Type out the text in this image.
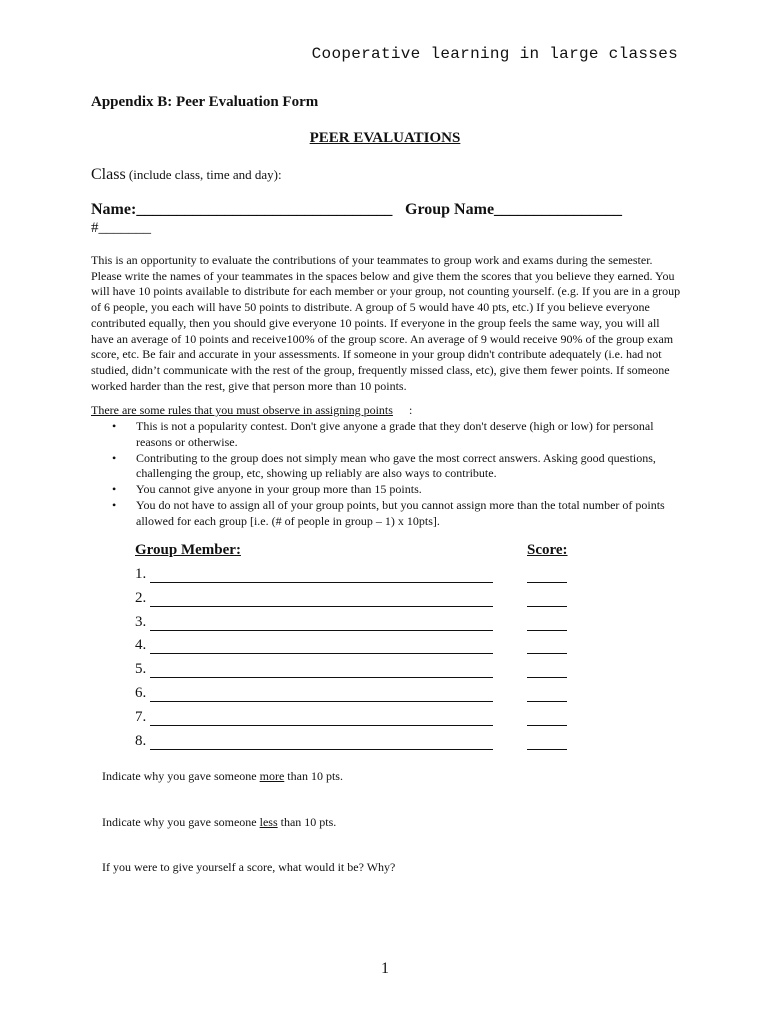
Cooperative learning in large classes
Appendix B: Peer Evaluation Form
PEER EVALUATIONS
Class (include class, time and day):
Name:________________________________ Group Name________________
#_______

This is an opportunity to evaluate the contributions of your teammates to group work and exams during the semester. Please write the names of your teammates in the spaces below and give them the scores that you believe they earned. You will have 10 points available to distribute for each member or your group, not counting yourself. (e.g. If you are in a group of 6 people, you each will have 50 points to distribute. A group of 5 would have 40 pts, etc.) If you believe everyone contributed equally, then you should give everyone 10 points. If everyone in the group feels the same way, you will all have an average of 10 points and receive100% of the group score. An average of 9 would receive 90% of the group exam score, etc. Be fair and accurate in your assessments. If someone in your group didn't contribute adequately (i.e. had not studied, didn’t communicate with the rest of the group, frequently missed class, etc), give them fewer points. If someone worked harder than the rest, give that person more than 10 points.

There are some rules that you must observe in assigning points :
• This is not a popularity contest. Don't give anyone a grade that they don't deserve (high or low) for personal reasons or otherwise.
• Contributing to the group does not simply mean who gave the most correct answers. Asking good questions, challenging the group, etc, showing up reliably are also ways to contribute.
• You cannot give anyone in your group more than 15 points.
• You do not have to assign all of your group points, but you cannot assign more than the total number of points allowed for each group [i.e. (# of people in group – 1) x 10pts].
Group Member:	Score:
1.
2.
3.
4.
5.
6.
7.
8.
Indicate why you gave someone more than 10 pts.
Indicate why you gave someone less than 10 pts.
If you were to give yourself a score, what would it be? Why?
1
